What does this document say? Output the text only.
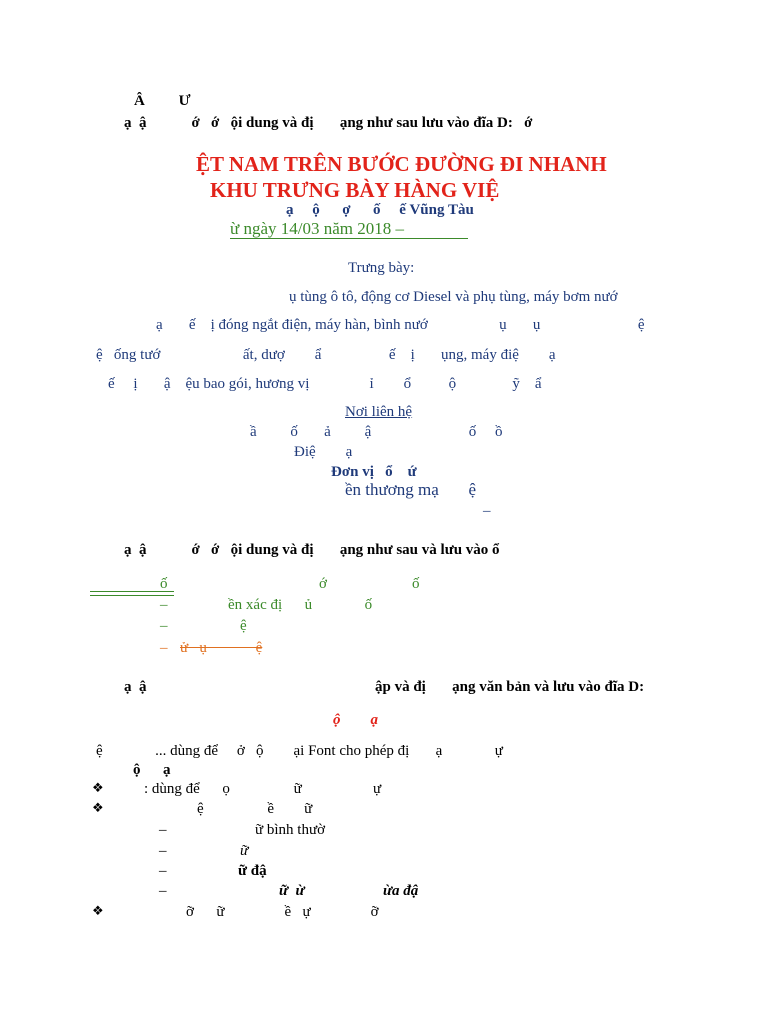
Â         Ư
ạ  ậ            ớ   ớ   ội dung và đị       ạng như sau lưu vào đĩa D:   ớ
ỆT NAM TRÊN BƯỚC ĐƯỜNG ĐI NHANH
KHU TRƯNG BÀY HÀNG VIỆ
ạ     ộ      ợ      ố     ế Vũng Tàu
ừ ngày 14/03 năm 2018 –
Trưng bày:
ụ tùng ô tô, động cơ Diesel và phụ tùng, máy bơm nướ
ạ       ế    ị đóng ngắt điện, máy hàn, bình nướ                   ụ       ụ                          ệ
ệ   ống tướ                      ất, dượ        ẩ                  ế    ị       ụng, máy điệ        ạ
ế     ị       ậ    ệu bao gói, hương vị                ỉ        ổ          ộ               ỹ    ẩ
Nơi liên hệ
ầ         ố       ả         ậ                          ố     ồ
Điệ        ạ
Đơn vị   ổ    ứ
ền thương mạ       ệ
–
ạ  ậ            ớ   ớ   ội dung và đị       ạng như sau và lưu vào ổ
ố	ớ	ố
–	ền xác đị      ủ              ố
–	ệ
– ử   ụ             ệ
ạ  ậ	ập và đị       ạng văn bản và lưu vào đĩa D:
ộ        ạ
ệ              ... dùng để     ở   ộ        ại Font cho phép đị       ạ              ự
ộ      ạ
❖	: dùng để      ọ                 ữ                   ự
❖	ệ                 ề        ữ
–	ữ bình thườ
–	ữ
–	ữ đậ
–	ữ  ừ	ừa đậ
❖	ỡ      ữ                ề   ự                ỡ
